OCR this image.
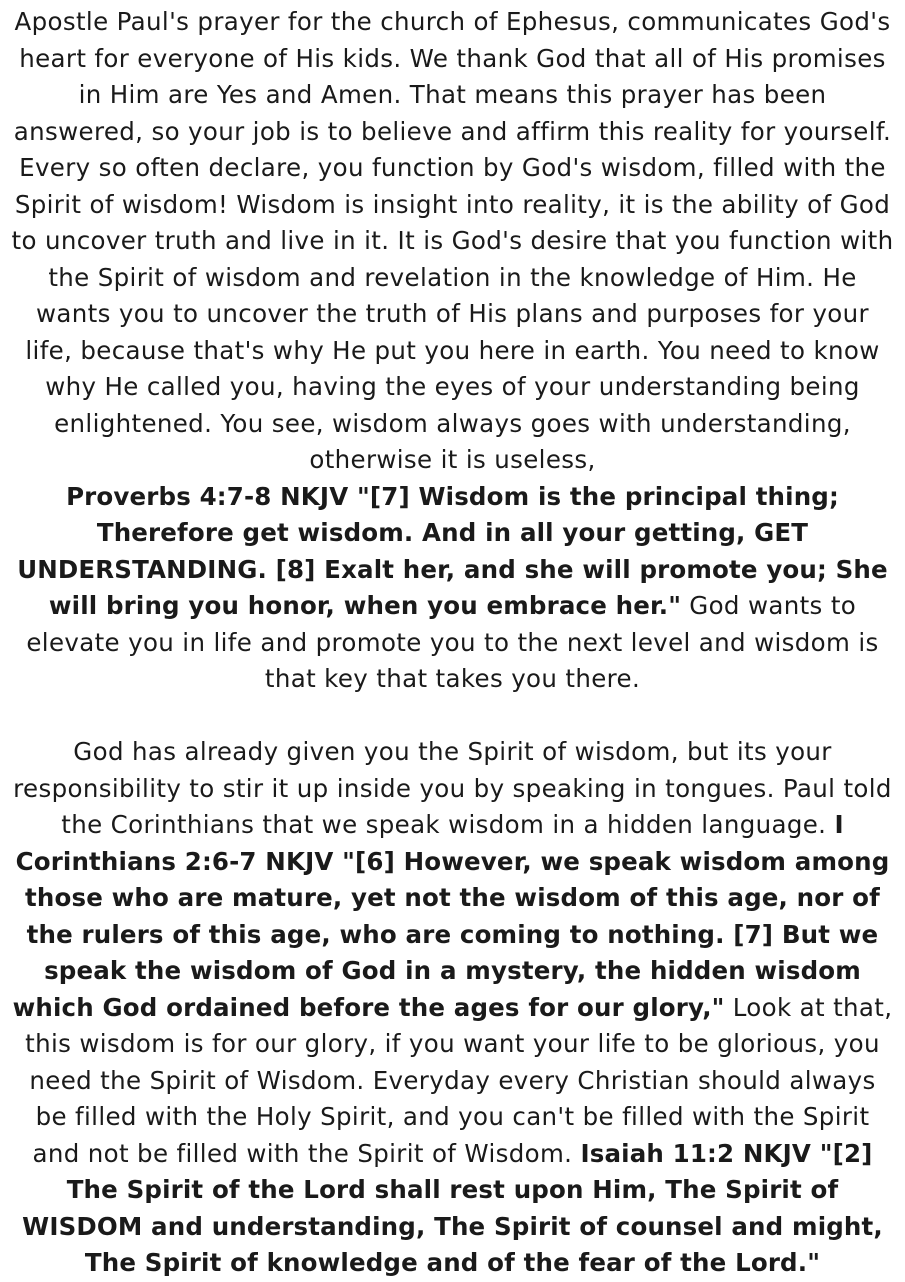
Apostle Paul's prayer for the church of Ephesus, communicates God's heart for everyone of His kids. We thank God that all of His promises in Him are Yes and Amen. That means this prayer has been answered, so your job is to believe and affirm this reality for yourself. Every so often declare, you function by God's wisdom, filled with the Spirit of wisdom! Wisdom is insight into reality, it is the ability of God to uncover truth and live in it. It is God's desire that you function with the Spirit of wisdom and revelation in the knowledge of Him. He wants you to uncover the truth of His plans and purposes for your life, because that's why He put you here in earth. You need to know why He called you, having the eyes of your understanding being enlightened. You see, wisdom always goes with understanding, otherwise it is useless,
Proverbs 4:7-8 NKJV "[7] Wisdom is the principal thing; Therefore get wisdom. And in all your getting, GET UNDERSTANDING. [8] Exalt her, and she will promote you; She will bring you honor, when you embrace her." God wants to elevate you in life and promote you to the next level and wisdom is that key that takes you there.

God has already given you the Spirit of wisdom, but its your responsibility to stir it up inside you by speaking in tongues. Paul told the Corinthians that we speak wisdom in a hidden language. I Corinthians 2:6-7 NKJV "[6] However, we speak wisdom among those who are mature, yet not the wisdom of this age, nor of the rulers of this age, who are coming to nothing. [7] But we speak the wisdom of God in a mystery, the hidden wisdom which God ordained before the ages for our glory," Look at that, this wisdom is for our glory, if you want your life to be glorious, you need the Spirit of Wisdom. Everyday every Christian should always be filled with the Holy Spirit, and you can't be filled with the Spirit and not be filled with the Spirit of Wisdom. Isaiah 11:2 NKJV "[2] The Spirit of the Lord shall rest upon Him, The Spirit of WISDOM and understanding, The Spirit of counsel and might, The Spirit of knowledge and of the fear of the Lord."
